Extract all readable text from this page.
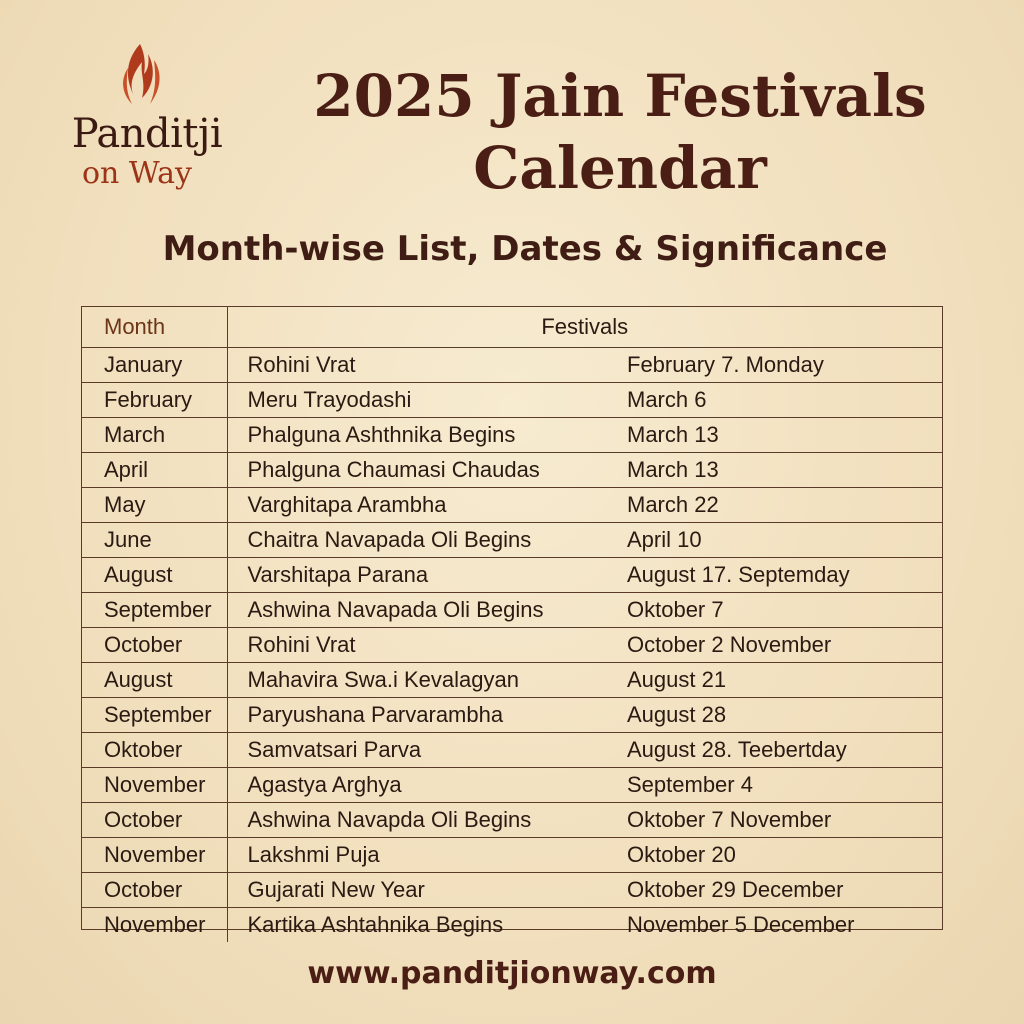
Panditji
on Way
2025 Jain Festivals
Calendar
Month-wise List, Dates & Significance
Month	Festivals	
January	Rohini Vrat	February 7. Monday
February	Meru Trayodashi	March 6
March	Phalguna Ashthnika Begins	March 13
April	Phalguna Chaumasi Chaudas	March 13
May	Varghitapa Arambha	March 22
June	Chaitra Navapada Oli Begins	April 10
August	Varshitapa Parana	August 17. Septemday
September	Ashwina Navapada Oli Begins	Oktober 7
October	Rohini Vrat	October 2 November
August	Mahavira Swa.i Kevalagyan	August 21
September	Paryushana Parvarambha	August 28
Oktober	Samvatsari Parva	August 28. Teebertday
November	Agastya Arghya	September 4
October	Ashwina Navapda Oli Begins	Oktober 7 November
November	Lakshmi Puja	Oktober 20
October	Gujarati New Year	Oktober 29 December
November	Kartika Ashtahnika Begins	November 5 December
www.panditjionway.com
